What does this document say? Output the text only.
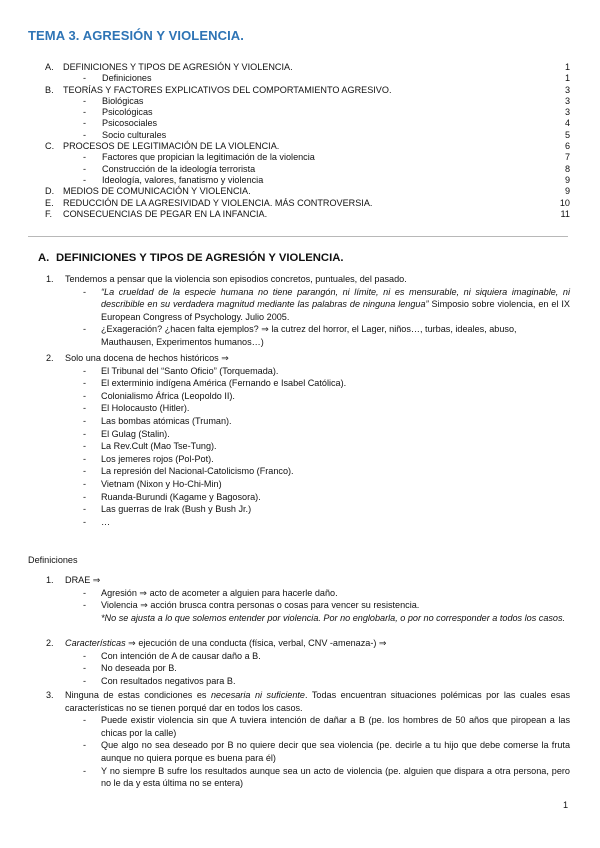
TEMA 3. AGRESIÓN Y VIOLENCIA.
A. DEFINICIONES Y TIPOS DE AGRESIÓN Y VIOLENCIA.	1
- Definiciones	1
B. TEORÍAS Y FACTORES EXPLICATIVOS DEL COMPORTAMIENTO AGRESIVO.	3
- Biológicas	3
- Psicológicas	3
- Psicosociales	4
- Socio culturales	5
C. PROCESOS DE LEGITIMACIÓN DE LA VIOLENCIA.	6
- Factores que propician la legitimación de la violencia	7
- Construcción de la ideología terrorista	8
- Ideología, valores, fanatismo y violencia	9
D. MEDIOS DE COMUNICACIÓN Y VIOLENCIA.	9
E. REDUCCIÓN DE LA AGRESIVIDAD Y VIOLENCIA. MÁS CONTROVERSIA.	10
F. CONSECUENCIAS DE PEGAR EN LA INFANCIA.	11
A. DEFINICIONES Y TIPOS DE AGRESIÓN Y VIOLENCIA.

1. Tendemos a pensar que la violencia son episodios concretos, puntuales, del pasado.

- “La crueldad de la especie humana no tiene parangón, ni límite, ni es mensurable, ni siquiera imaginable, ni describible en su verdadera magnitud mediante las palabras de ninguna lengua” Simposio sobre violencia, en el IX European Congress of Psychology. Julio 2005.

- ¿Exageración? ¿hacen falta ejemplos? ⇒ la cutrez del horror, el Lager, niños…, turbas, ideales, abuso, Mauthausen, Experimentos humanos…)

2. Solo una docena de hechos históricos ⇒

- El Tribunal del “Santo Oficio” (Torquemada).

- El exterminio indígena América (Fernando e Isabel Católica).

- Colonialismo África (Leopoldo II).

- El Holocausto (Hitler).

- Las bombas atómicas (Truman).

- El Gulag (Stalin).

- La Rev.Cult (Mao Tse-Tung).

- Los jemeres rojos (Pol-Pot).

- La represión del Nacional-Catolicismo (Franco).

- Vietnam (Nixon y Ho-Chi-Min)

- Ruanda-Burundi (Kagame y Bagosora).

- Las guerras de Irak (Bush y Bush Jr.)

- …

Definiciones

1. DRAE ⇒

- Agresión ⇒ acto de acometer a alguien para hacerle daño.

- Violencia ⇒ acción brusca contra personas o cosas para vencer su resistencia.

*No se ajusta a lo que solemos entender por violencia. Por no englobarla, o por no corresponder a todos los casos.

2. Características ⇒ ejecución de una conducta (física, verbal, CNV -amenaza-) ⇒

- Con intención de A de causar daño a B.

- No deseada por B.

- Con resultados negativos para B.

3. Ninguna de estas condiciones es necesaria ni suficiente. Todas encuentran situaciones polémicas por las cuales esas características no se tienen porqué dar en todos los casos.

- Puede existir violencia sin que A tuviera intención de dañar a B (pe. los hombres de 50 años que piropean a las chicas por la calle)

- Que algo no sea deseado por B no quiere decir que sea violencia (pe. decirle a tu hijo que debe comerse la fruta aunque no quiera porque es buena para él)

- Y no siempre B sufre los resultados aunque sea un acto de violencia (pe. alguien que dispara a otra persona, pero no le da y esta última no se entera)

1
